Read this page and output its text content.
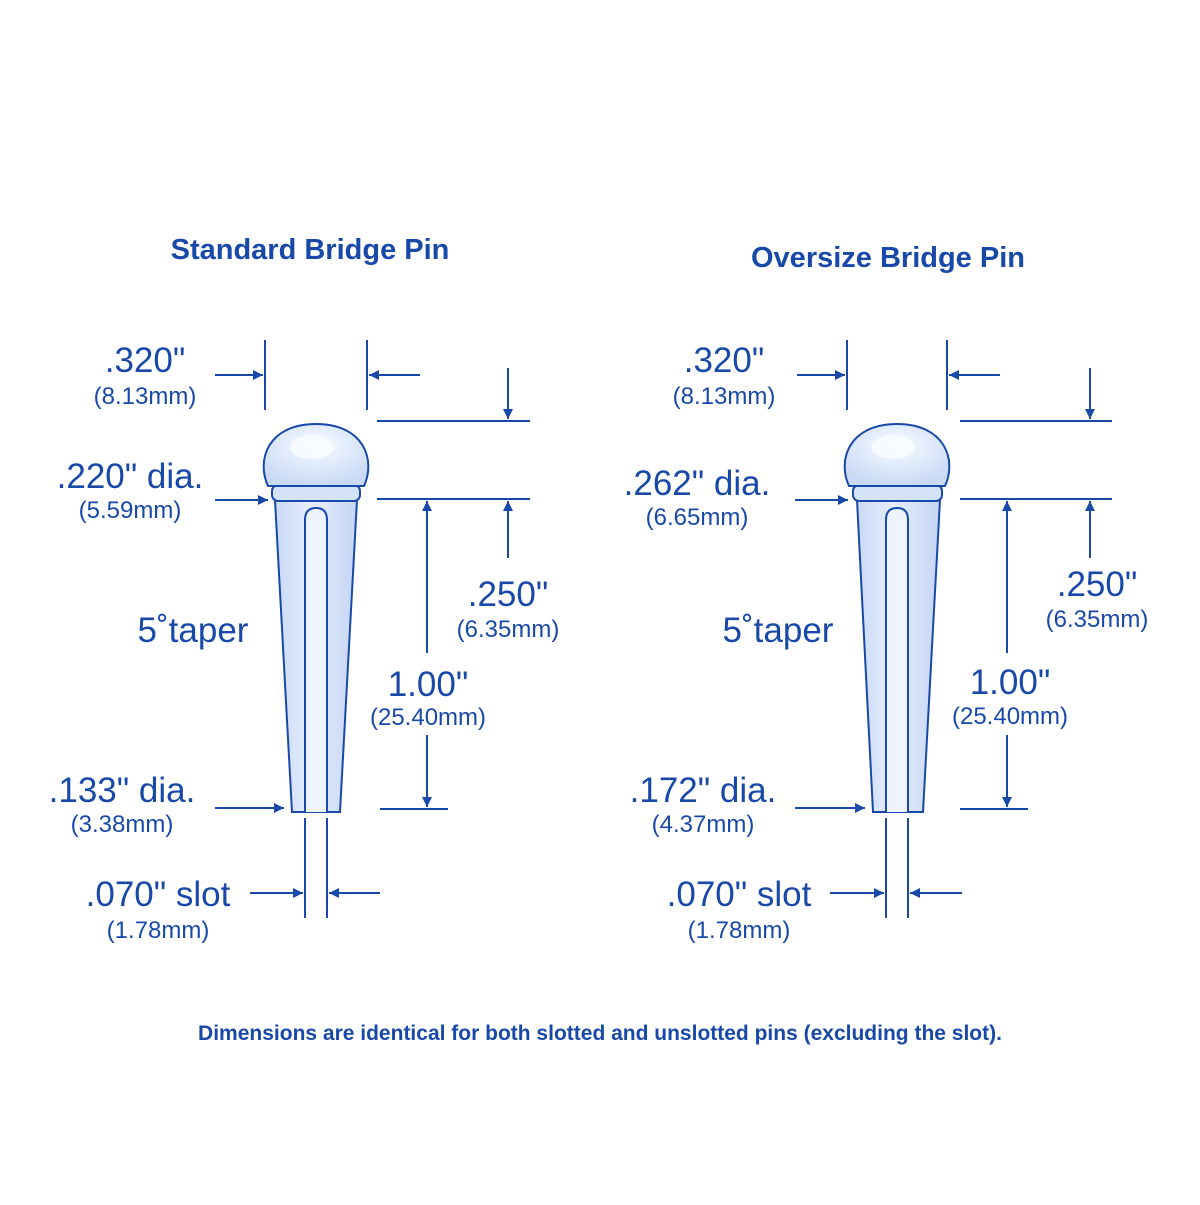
Standard Bridge Pin
.320"
(8.13mm)
.220" dia.
(5.59mm)
5˚taper
.250"
(6.35mm)
1.00"
(25.40mm)
.133" dia.
(3.38mm)
.070" slot
(1.78mm)
Oversize Bridge Pin
.320"
(8.13mm)
.262" dia.
(6.65mm)
5˚taper
.250"
(6.35mm)
1.00"
(25.40mm)
.172" dia.
(4.37mm)
.070" slot
(1.78mm)
Dimensions are identical for both slotted and unslotted pins (excluding the slot).
